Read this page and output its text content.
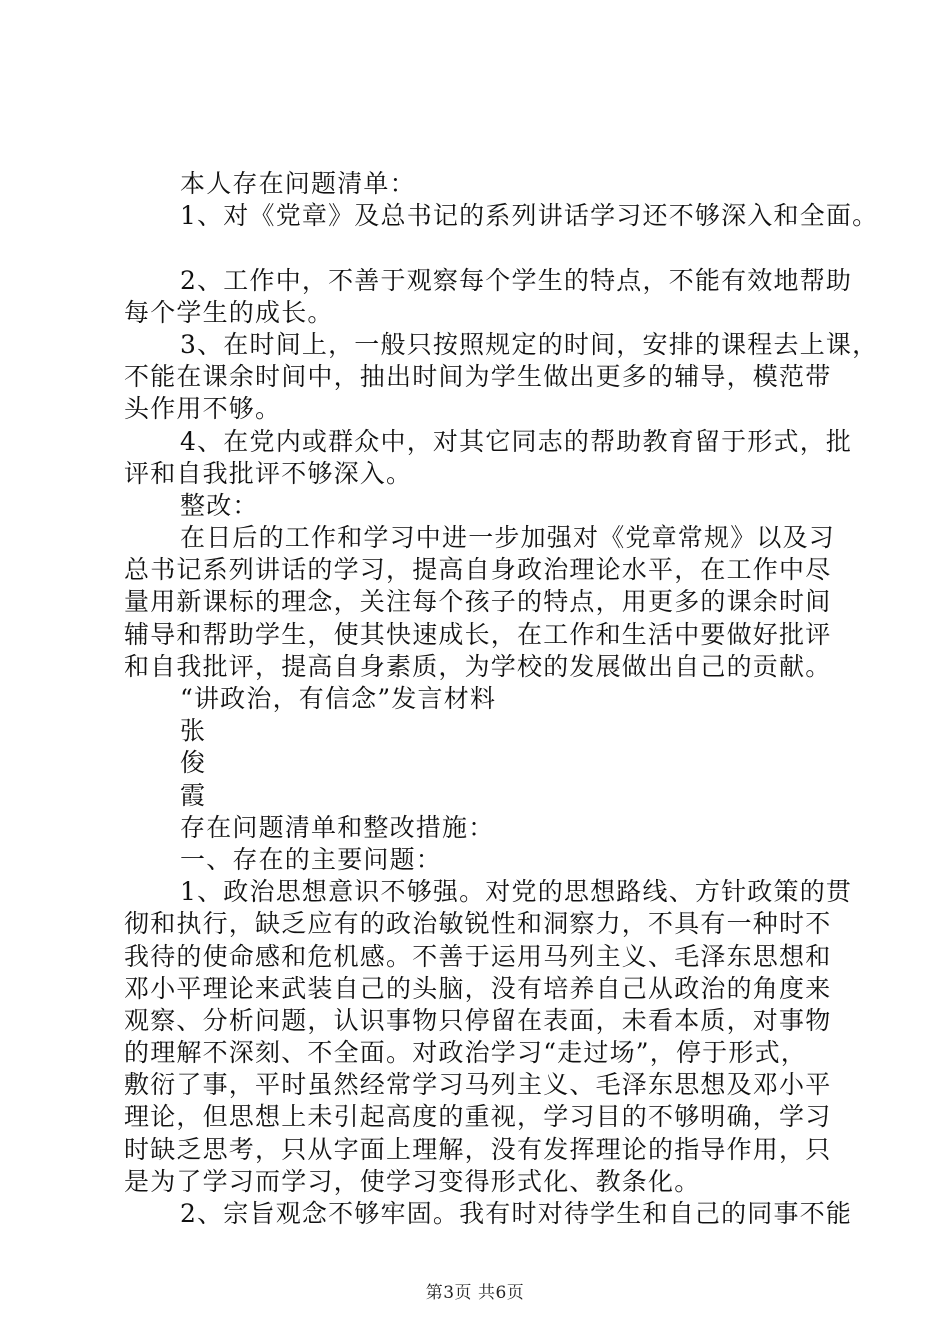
本人存在问题清单：
1、对《党章》及总书记的系列讲话学习还不够深入和全面。
2、工作中，不善于观察每个学生的特点，不能有效地帮助
每个学生的成长。
3、在时间上，一般只按照规定的时间，安排的课程去上课，
不能在课余时间中，抽出时间为学生做出更多的辅导，模范带
头作用不够。
4、在党内或群众中，对其它同志的帮助教育留于形式，批
评和自我批评不够深入。
整改：
在日后的工作和学习中进一步加强对《党章常规》以及习
总书记系列讲话的学习，提高自身政治理论水平，在工作中尽
量用新课标的理念，关注每个孩子的特点，用更多的课余时间
辅导和帮助学生，使其快速成长，在工作和生活中要做好批评
和自我批评，提高自身素质，为学校的发展做出自己的贡献。
“讲政治，有信念”发言材料
张
俊
霞
存在问题清单和整改措施：
一、存在的主要问题：
1、政治思想意识不够强。对党的思想路线、方针政策的贯
彻和执行，缺乏应有的政治敏锐性和洞察力，不具有一种时不
我待的使命感和危机感。不善于运用马列主义、毛泽东思想和
邓小平理论来武装自己的头脑，没有培养自己从政治的角度来
观察、分析问题，认识事物只停留在表面，未看本质，对事物
的理解不深刻、不全面。对政治学习“走过场”，停于形式，
敷衍了事，平时虽然经常学习马列主义、毛泽东思想及邓小平
理论，但思想上未引起高度的重视，学习目的不够明确，学习
时缺乏思考，只从字面上理解，没有发挥理论的指导作用，只
是为了学习而学习，使学习变得形式化、教条化。
2、宗旨观念不够牢固。我有时对待学生和自己的同事不能
第3页 共6页
